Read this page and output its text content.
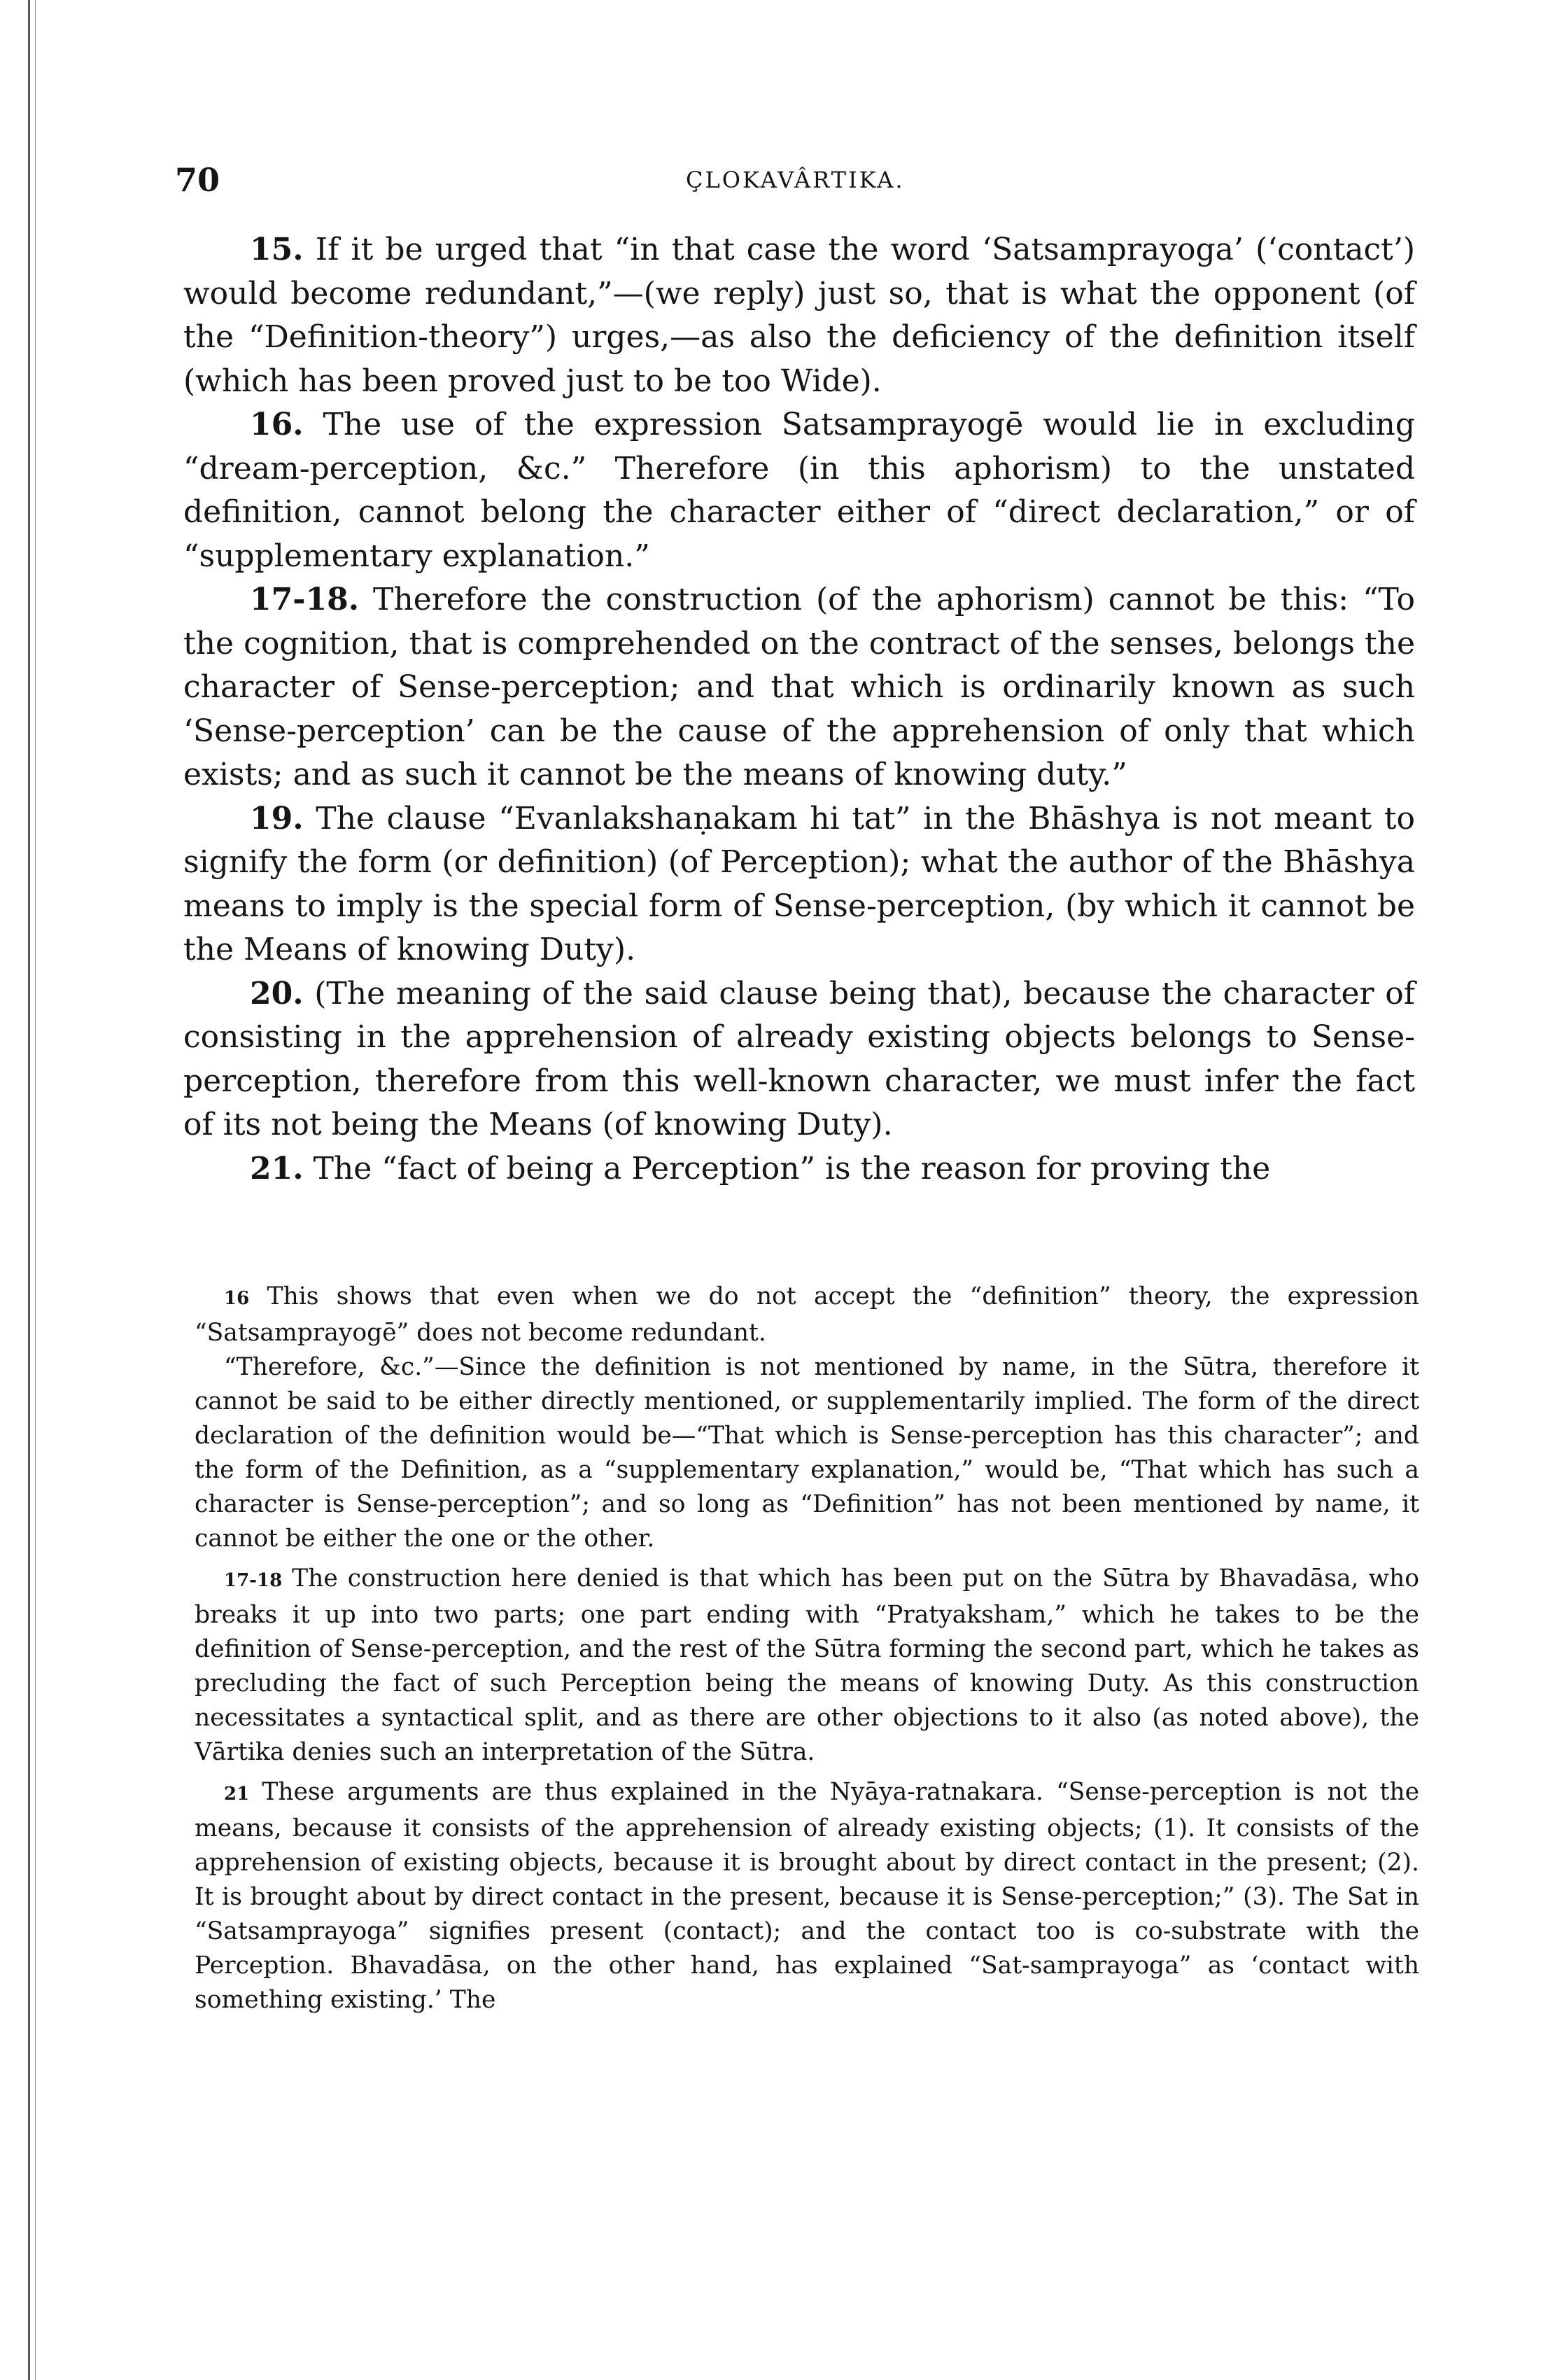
70	ÇLOKAVÂRTIKA.

15. If it be urged that “in that case the word ‘Satsamprayoga’ (‘contact’) would become redundant,”—(we reply) just so, that is what the opponent (of the “Definition-theory”) urges,—as also the deficiency of the definition itself (which has been proved just to be too Wide).

16. The use of the expression Satsamprayogē would lie in excluding “dream-perception, &c.” Therefore (in this aphorism) to the unstated definition, cannot belong the character either of “direct declaration,” or of “supplementary explanation.”

17-18. Therefore the construction (of the aphorism) cannot be this: “To the cognition, that is comprehended on the contract of the senses, belongs the character of Sense-perception; and that which is ordinarily known as such ‘Sense-perception’ can be the cause of the apprehension of only that which exists; and as such it cannot be the means of knowing duty.”

19. The clause “Evanlakshaṇakam hi tat” in the Bhāshya is not meant to signify the form (or definition) (of Perception); what the author of the Bhāshya means to imply is the special form of Sense-perception, (by which it cannot be the Means of knowing Duty).

20. (The meaning of the said clause being that), because the character of consisting in the apprehension of already existing objects belongs to Sense-perception, therefore from this well-known character, we must infer the fact of its not being the Means (of knowing Duty).

21. The “fact of being a Perception” is the reason for proving the

16 This shows that even when we do not accept the “definition” theory, the expression “Satsamprayogē” does not become redundant.

“Therefore, &c.”—Since the definition is not mentioned by name, in the Sūtra, therefore it cannot be said to be either directly mentioned, or supplementarily implied. The form of the direct declaration of the definition would be—“That which is Sense-perception has this character”; and the form of the Definition, as a “supplementary explanation,” would be, “That which has such a character is Sense-perception”; and so long as “Definition” has not been mentioned by name, it cannot be either the one or the other.

17-18 The construction here denied is that which has been put on the Sūtra by Bhavadāsa, who breaks it up into two parts; one part ending with “Pratyaksham,” which he takes to be the definition of Sense-perception, and the rest of the Sūtra forming the second part, which he takes as precluding the fact of such Perception being the means of knowing Duty. As this construction necessitates a syntactical split, and as there are other objections to it also (as noted above), the Vārtika denies such an interpretation of the Sūtra.

21 These arguments are thus explained in the Nyāya-ratnakara. “Sense-perception is not the means, because it consists of the apprehension of already existing objects; (1). It consists of the apprehension of existing objects, because it is brought about by direct contact in the present; (2). It is brought about by direct contact in the present, because it is Sense-perception;” (3). The Sat in “Satsamprayoga” signifies present (contact); and the contact too is co-substrate with the Perception. Bhavadāsa, on the other hand, has explained “Sat-samprayoga” as ‘contact with something existing.’ The
